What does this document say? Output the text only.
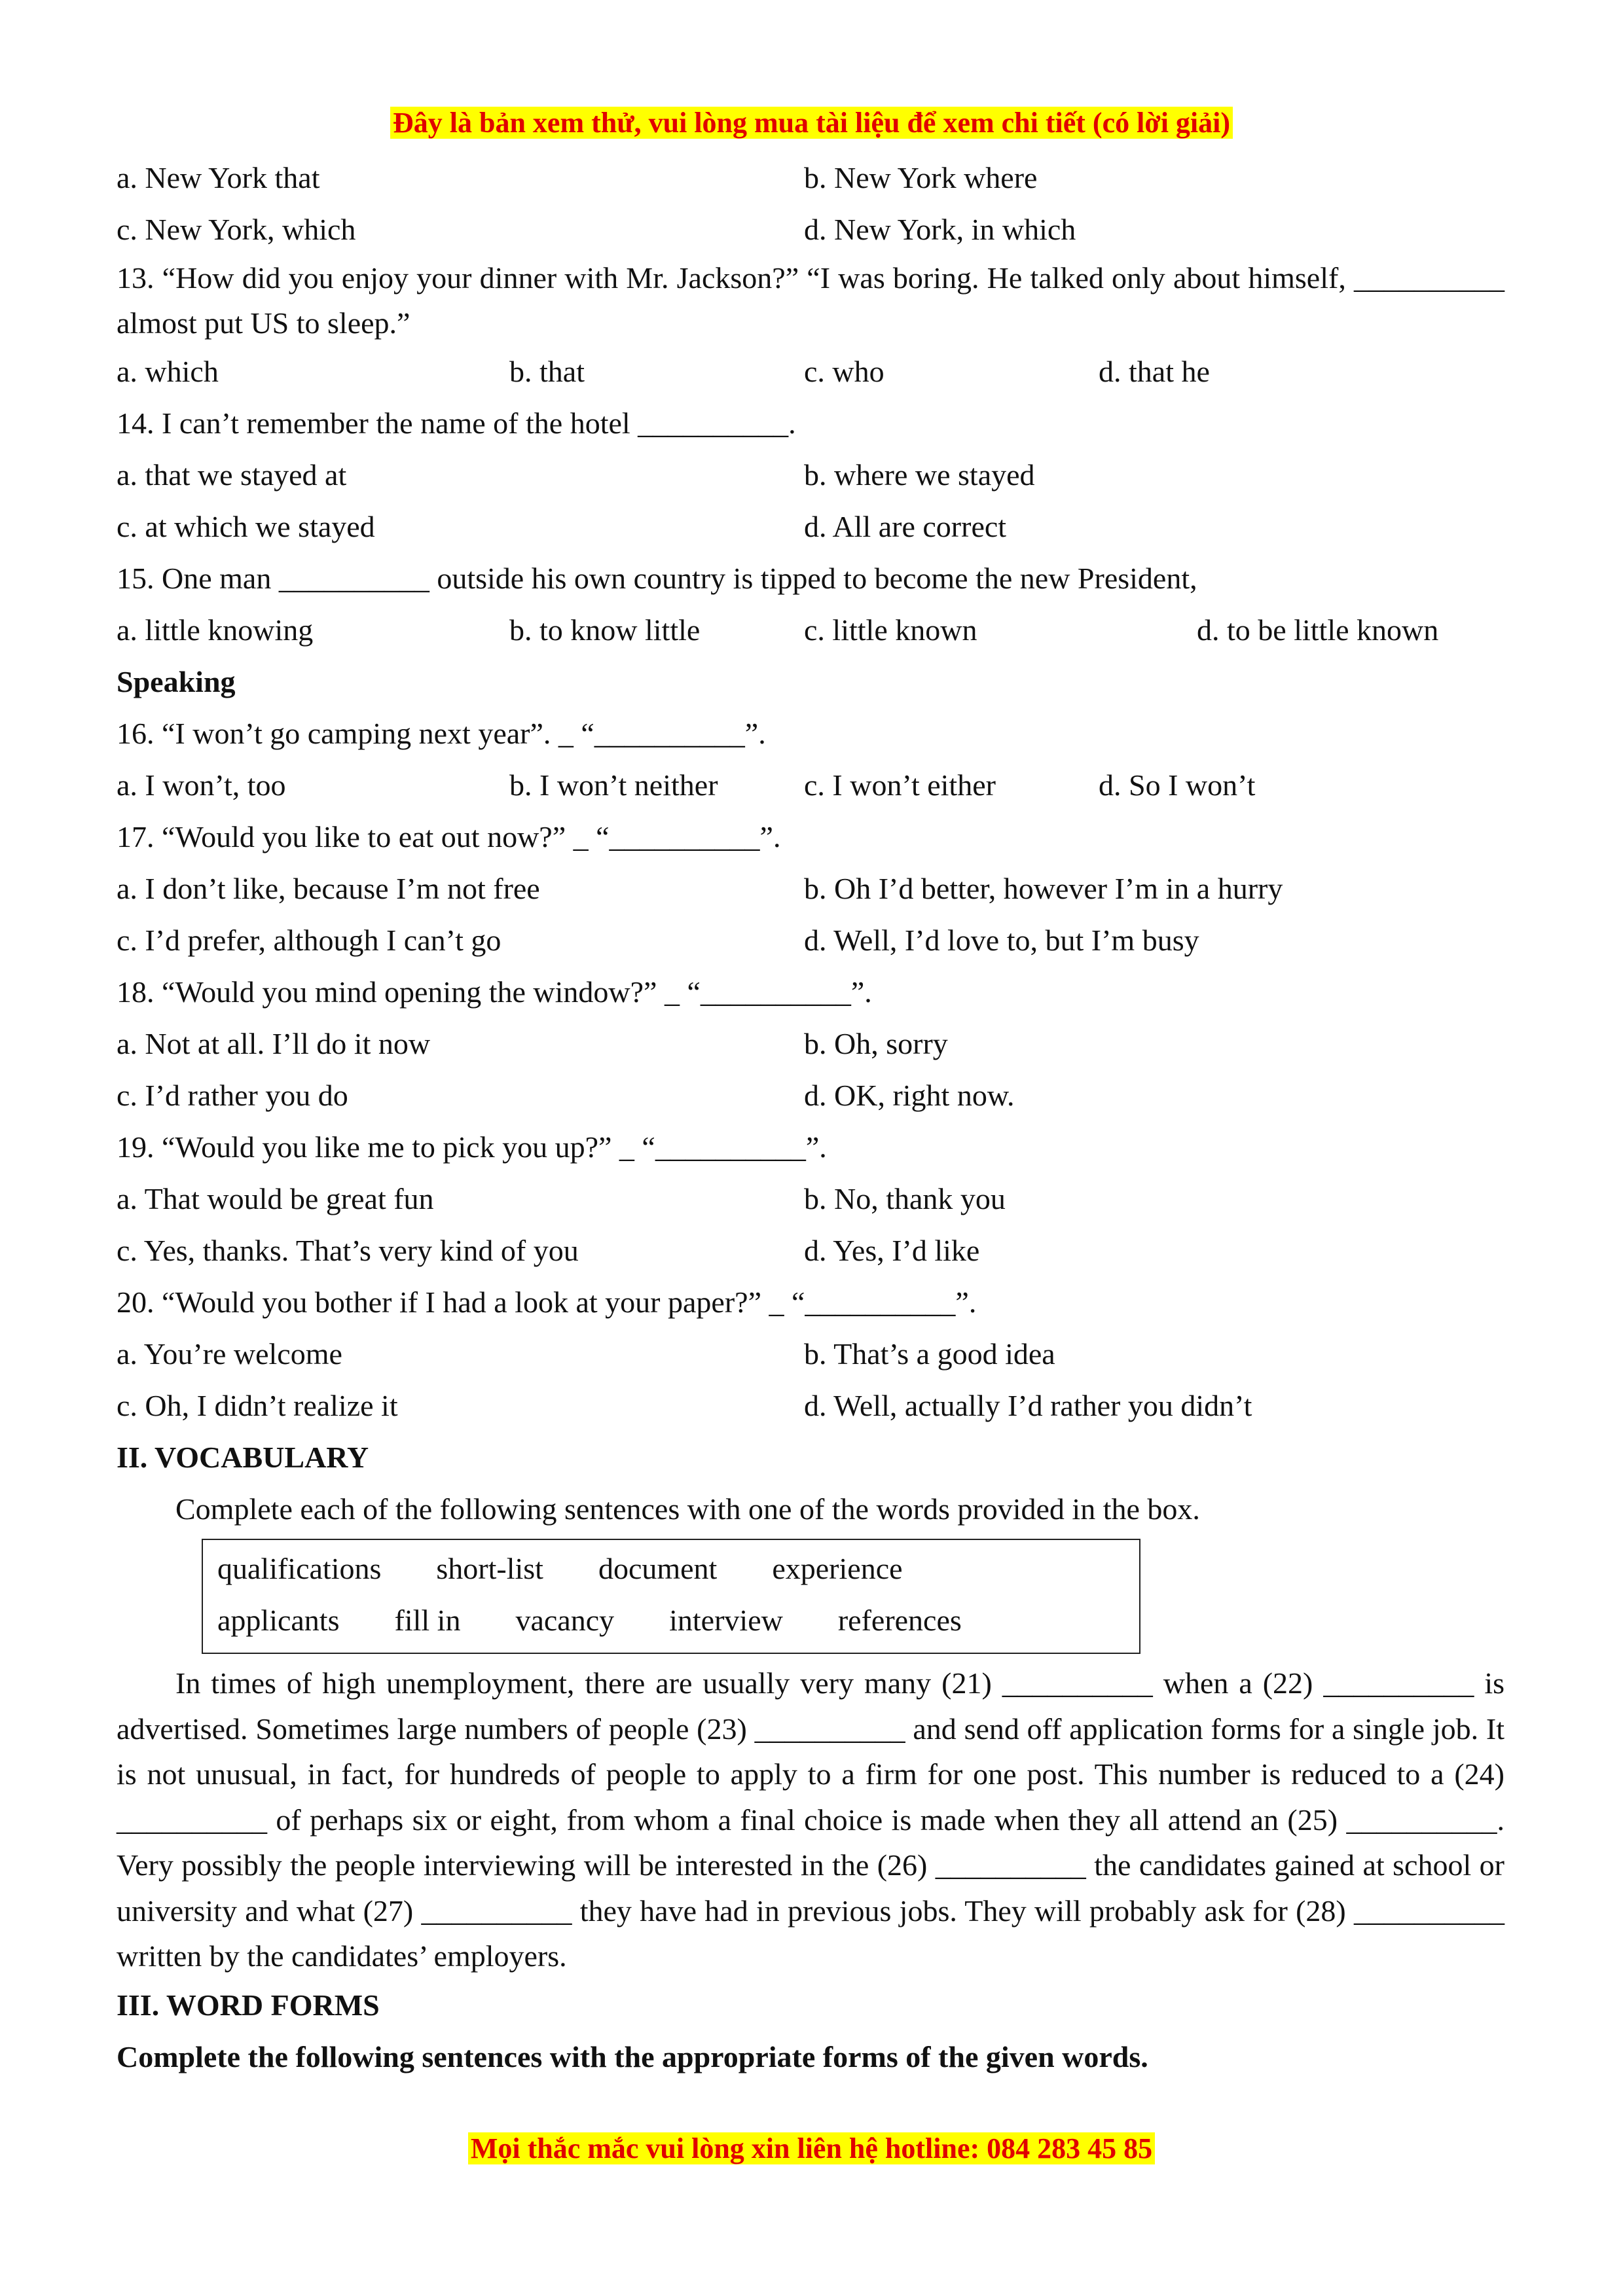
Đây là bản xem thử, vui lòng mua tài liệu để xem chi tiết (có lời giải)
a. New York that	b. New York where
c. New York, which	d. New York, in which

13. “How did you enjoy your dinner with Mr. Jackson?” “I was boring. He talked only about himself, __________ almost put US to sleep.”

a. which	b. that	c. who	d. that he

14. I can’t remember the name of the hotel __________.

a. that we stayed at	b. where we stayed
c. at which we stayed	d. All are correct

15. One man __________ outside his own country is tipped to become the new President,

a. little knowing	b. to know little	c. little known	d. to be little known

Speaking

16. “I won’t go camping next year”. _ “__________”.

a. I won’t, too	b. I won’t neither	c. I won’t either	d. So I won’t

17. “Would you like to eat out now?” _ “__________”.

a. I don’t like, because I’m not free	b. Oh I’d better, however I’m in a hurry
c. I’d prefer, although I can’t go	d. Well, I’d love to, but I’m busy

18. “Would you mind opening the window?” _ “__________”.

a. Not at all. I’ll do it now	b. Oh, sorry
c. I’d rather you do	d. OK, right now.

19. “Would you like me to pick you up?” _ “__________”.

a. That would be great fun	b. No, thank you
c. Yes, thanks. That’s very kind of you	d. Yes, I’d like

20. “Would you bother if I had a look at your paper?” _ “__________”.

a. You’re welcome	b. That’s a good idea
c. Oh, I didn’t realize it	d. Well, actually I’d rather you didn’t

II. VOCABULARY

Complete each of the following sentences with one of the words provided in the box.

qualifications short-list document experience
applicants fill in vacancy interview references

In times of high unemployment, there are usually very many (21) __________ when a (22) __________ is advertised. Sometimes large numbers of people (23) __________ and send off application forms for a single job. It is not unusual, in fact, for hundreds of people to apply to a firm for one post. This number is reduced to a (24) __________ of perhaps six or eight, from whom a final choice is made when they all attend an (25) __________. Very possibly the people interviewing will be interested in the (26) __________ the candidates gained at school or university and what (27) __________ they have had in previous jobs. They will probably ask for (28) __________ written by the candidates’ employers.

III. WORD FORMS

Complete the following sentences with the appropriate forms of the given words.

Mọi thắc mắc vui lòng xin liên hệ hotline: 084 283 45 85
